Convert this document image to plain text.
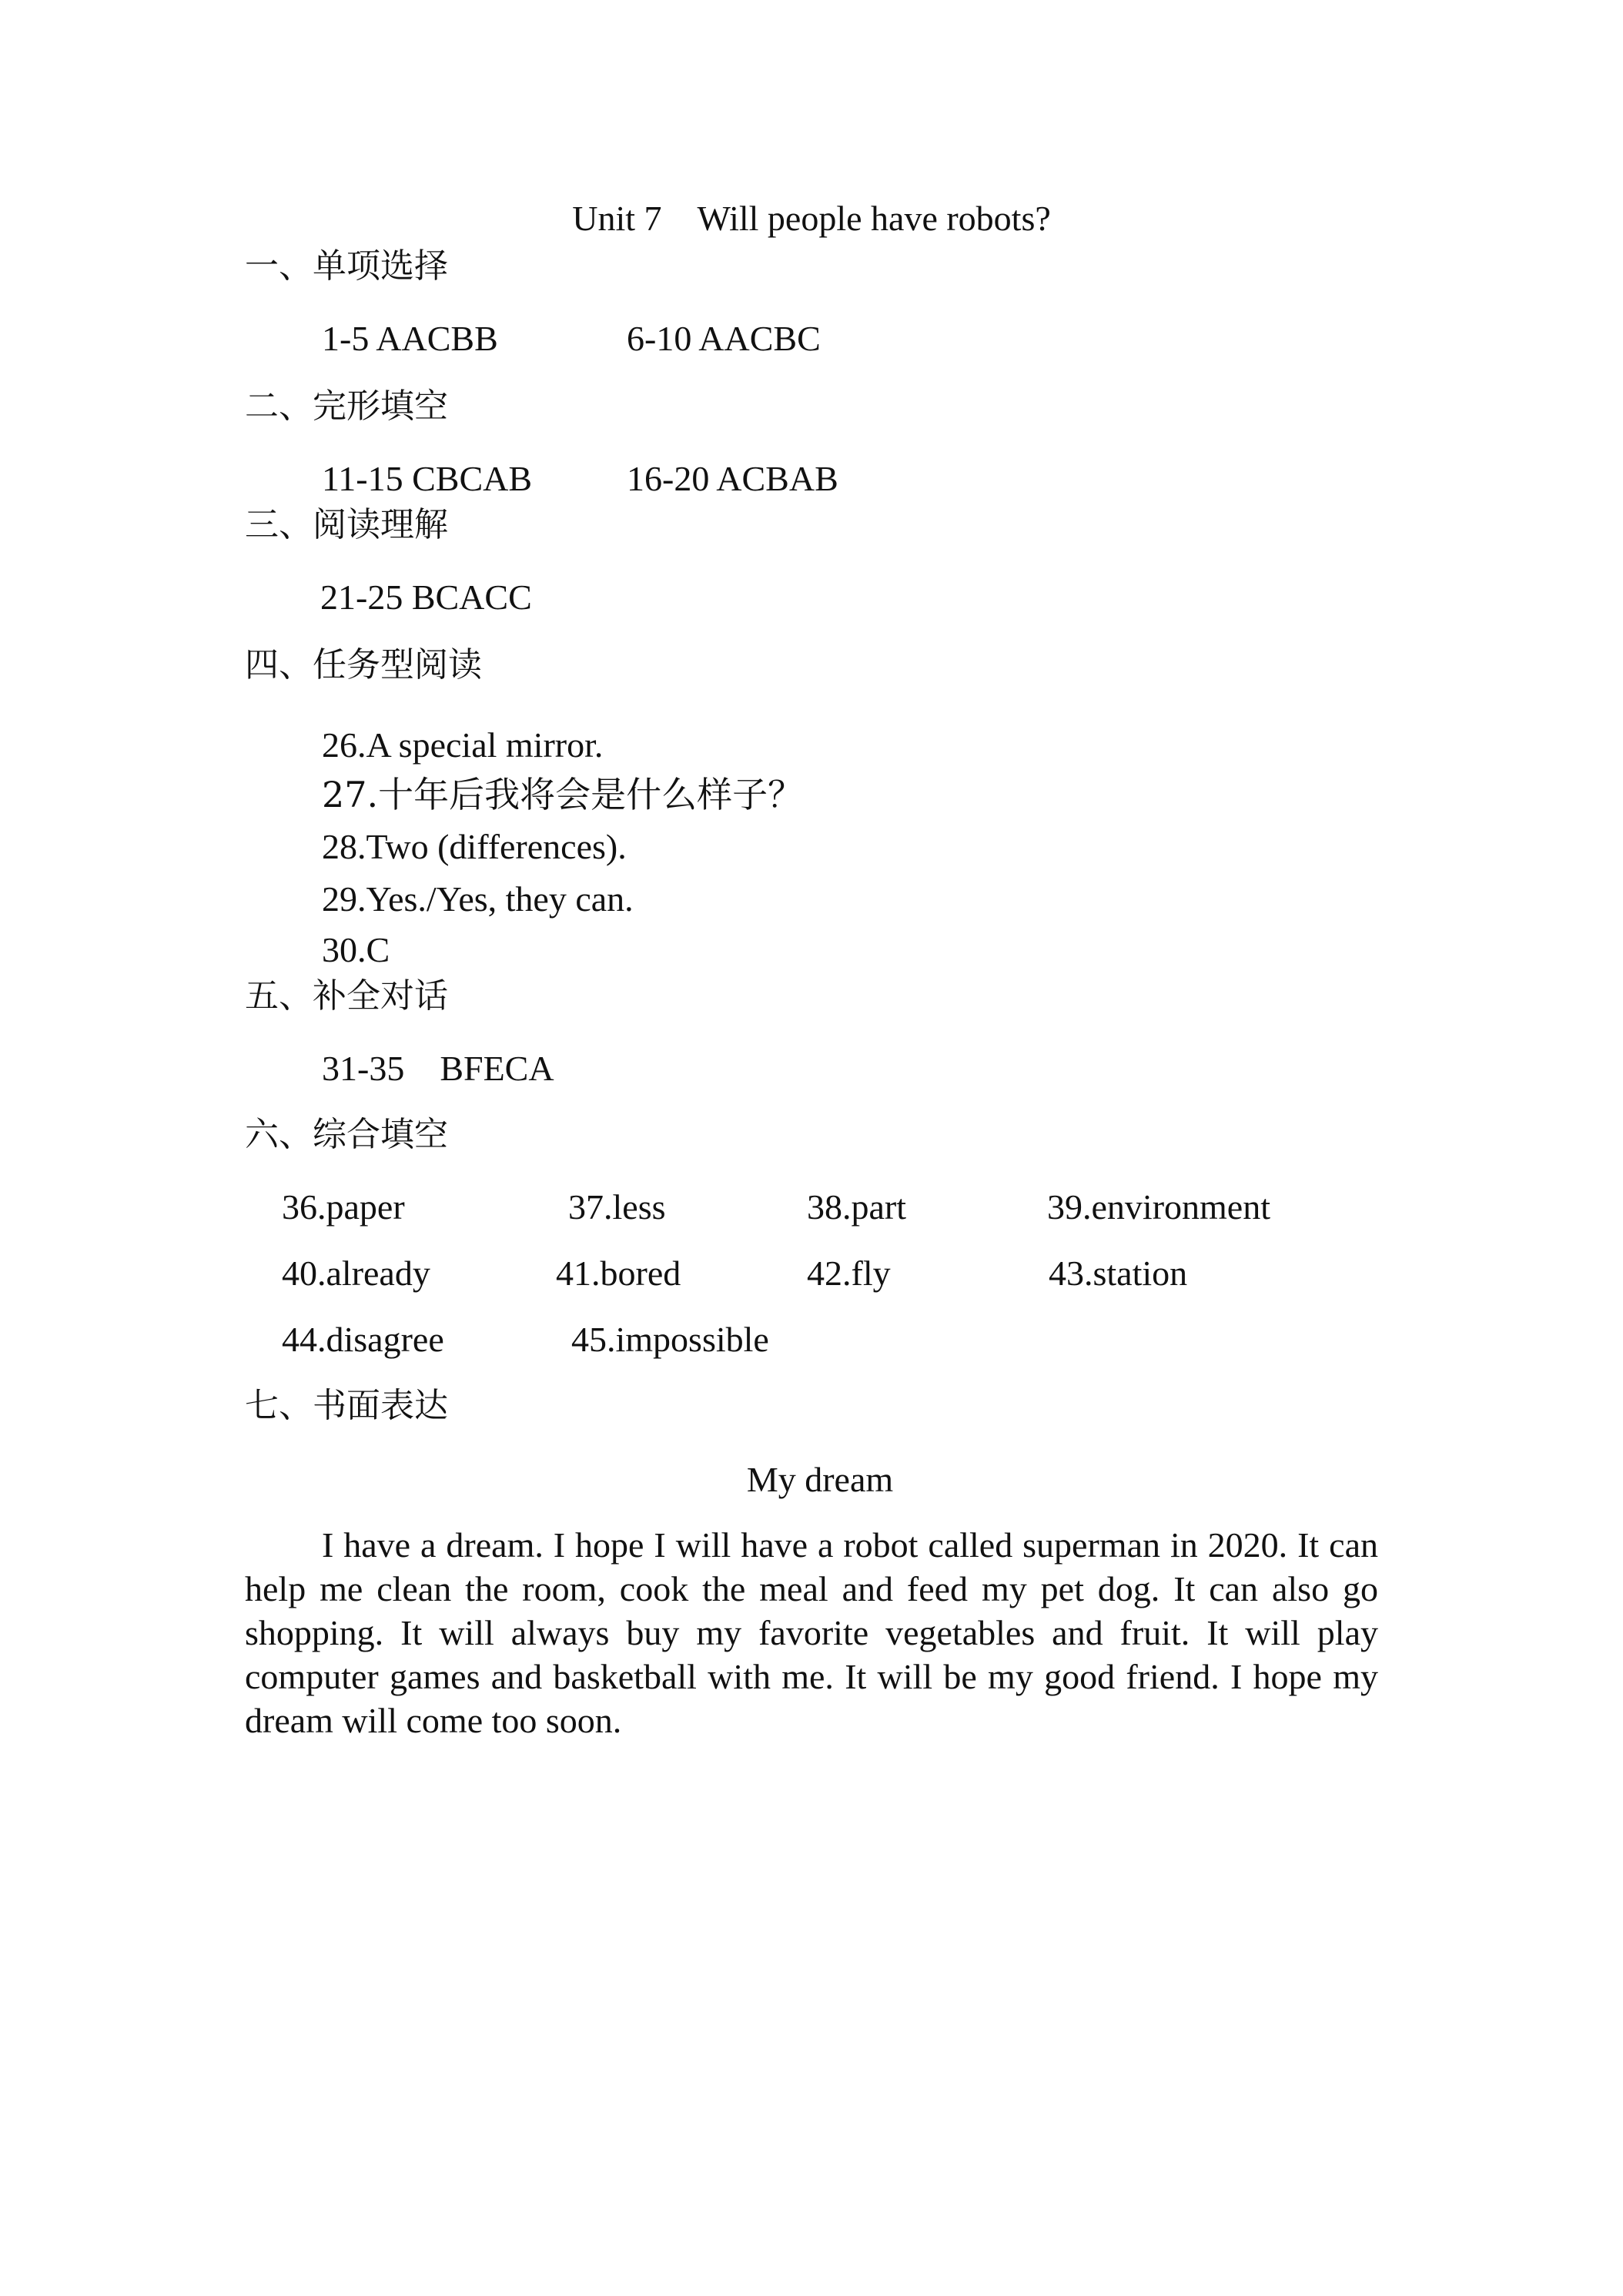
Unit 7    Will people have robots?
一、单项选择
1-5 AACBB	6-10 AACBC
二、完形填空
11-15 CBCAB	16-20 ACBAB
三、阅读理解
21-25 BCACC
四、任务型阅读
26.A special mirror.
27.十年后我将会是什么样子？
28.Two (differences).
29.Yes./Yes, they can.
30.C
五、补全对话
31-35    BFECA
六、综合填空
36.paper	37.less	38.part	39.environment
40.already	41.bored	42.fly	43.station
44.disagree	45.impossible
七、书面表达
My dream
I have a dream. I hope I will have a robot called superman in 2020. It can help me clean the room, cook the meal and feed my pet dog. It can also go shopping. It will always buy my favorite vegetables and fruit. It will play computer games and basketball with me. It will be my good friend. I hope my dream will come too soon.
